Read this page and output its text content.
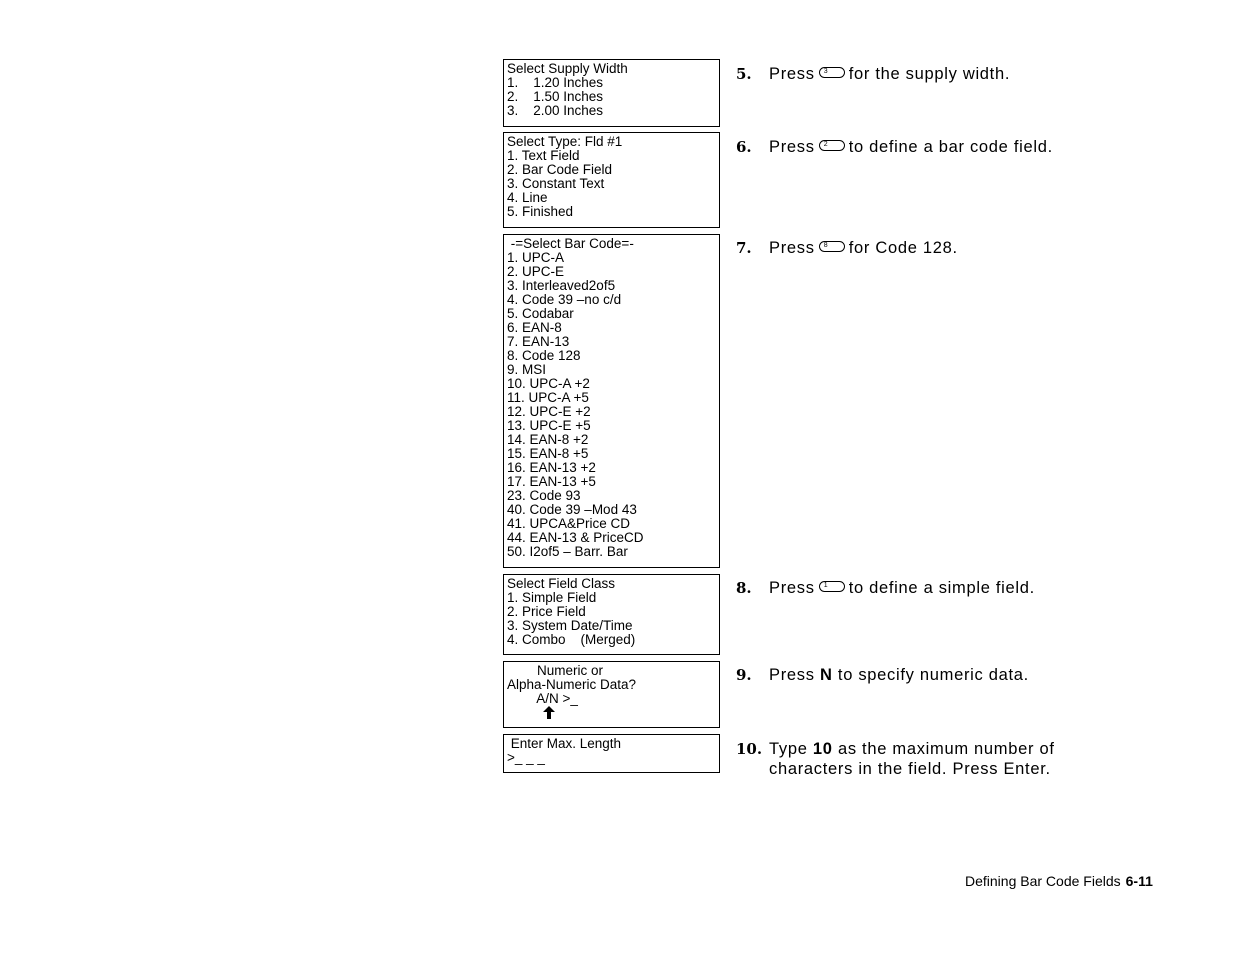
Select Supply Width
1.    1.20 Inches
2.    1.50 Inches
3.    2.00 Inches
Select Type: Fld #1
1. Text Field
2. Bar Code Field
3. Constant Text
4. Line
5. Finished
-=Select Bar Code=-
1. UPC-A
2. UPC-E
3. Interleaved2of5
4. Code 39 –no c/d
5. Codabar
6. EAN-8
7. EAN-13
8. Code 128
9. MSI
10. UPC-A +2
11. UPC-A +5
12. UPC-E +2
13. UPC-E +5
14. EAN-8 +2
15. EAN-8 +5
16. EAN-13 +2
17. EAN-13 +5
23. Code 93
40. Code 39 –Mod 43
41. UPCA&Price CD
44. EAN-13 & PriceCD
50. I2of5 – Barr. Bar
Select Field Class
1. Simple Field
2. Price Field
3. System Date/Time
4. Combo    (Merged)
Numeric or
Alpha-Numeric Data?
A/N >_
Enter Max. Length
>_ _ _
5. Press 3 for the supply width.
6. Press 2 to define a bar code field.
7. Press 8 for Code 128.
8. Press 1 to define a simple field.
9. Press N to specify numeric data.
10. Type 10 as the maximum number of
characters in the field. Press Enter.
Defining Bar Code Fields 6-11
